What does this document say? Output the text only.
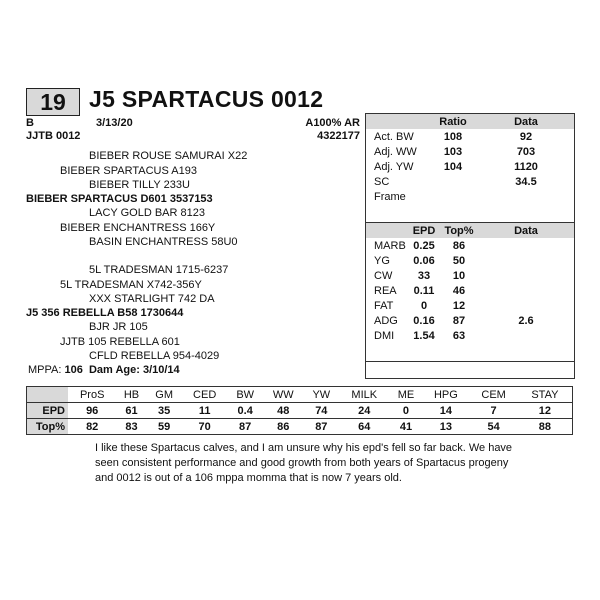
19	J5 SPARTACUS 0012
B	3/13/20	A100% AR
JJTB 0012	4322177
BIEBER ROUSE SAMURAI X22
BIEBER SPARTACUS A193
BIEBER TILLY 233U
BIEBER SPARTACUS D601 3537153
LACY GOLD BAR 8123
BIEBER ENCHANTRESS 166Y
BASIN ENCHANTRESS 58U0
5L TRADESMAN 1715-6237
5L TRADESMAN X742-356Y
XXX STARLIGHT 742 DA
J5 356 REBELLA B58 1730644
BJR JR 105
JJTB 105 REBELLA 601
CFLD REBELLA 954-4029
MPPA: 106 Dam Age: 3/10/14
	Ratio	Data
Act. BW	108	92
Adj. WW	103	703
Adj. YW	104	1120
SC		34.5
Frame		
	EPD	Top%	Data
MARB	0.25	86	
YG	0.06	50	
CW	33	10	
REA	0.11	46	
FAT	0	12	
ADG	0.16	87	2.6
DMI	1.54	63	
	ProS	HB	GM	CED	BW	WW	YW	MILK	ME	HPG	CEM	STAY
EPD	96	61	35	11	0.4	48	74	24	0	14	7	12
Top%	82	83	59	70	87	86	87	64	41	13	54	88
I like these Spartacus calves, and I am unsure why his epd's fell so far back. We have seen consistent performance and good growth from both years of Spartacus progeny and 0012 is out of a 106 mppa momma that is now 7 years old.
